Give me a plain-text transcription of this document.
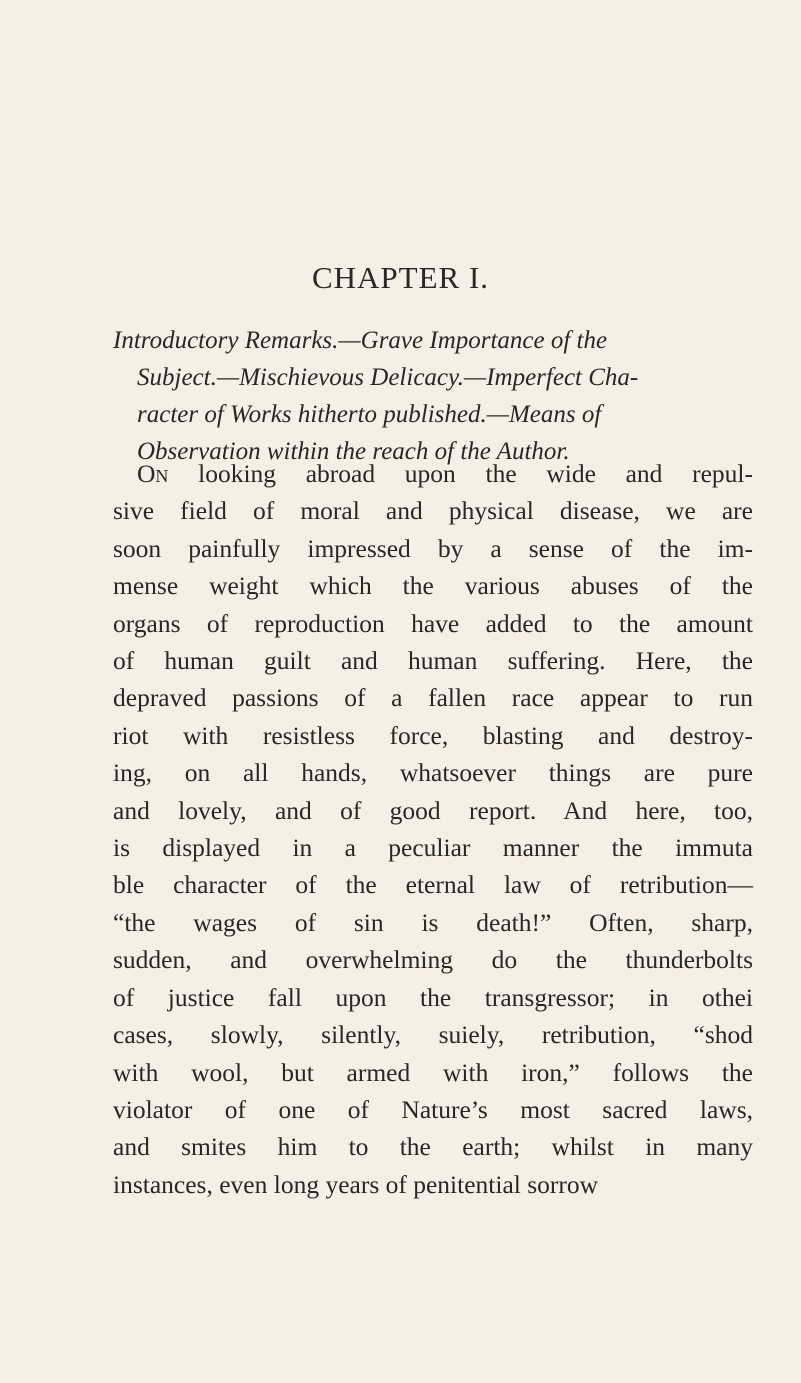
CHAPTER I.
Introductory Remarks.—Grave Importance of the
Subject.—Mischievous Delicacy.—Imperfect Cha-
racter of Works hitherto published.—Means of
Observation within the reach of the Author.
On looking abroad upon the wide and repul-
sive field of moral and physical disease, we are
soon painfully impressed by a sense of the im-
mense weight which the various abuses of the
organs of reproduction have added to the amount
of human guilt and human suffering. Here, the
depraved passions of a fallen race appear to run
riot with resistless force, blasting and destroy-
ing, on all hands, whatsoever things are pure
and lovely, and of good report. And here, too,
is displayed in a peculiar manner the immuta
ble character of the eternal law of retribution—
“the wages of sin is death!” Often, sharp,
sudden, and overwhelming do the thunderbolts
of justice fall upon the transgressor; in othei
cases, slowly, silently, suiely, retribution, “shod
with wool, but armed with iron,” follows the
violator of one of Nature’s most sacred laws,
and smites him to the earth; whilst in many
instances, even long years of penitential sorrow
